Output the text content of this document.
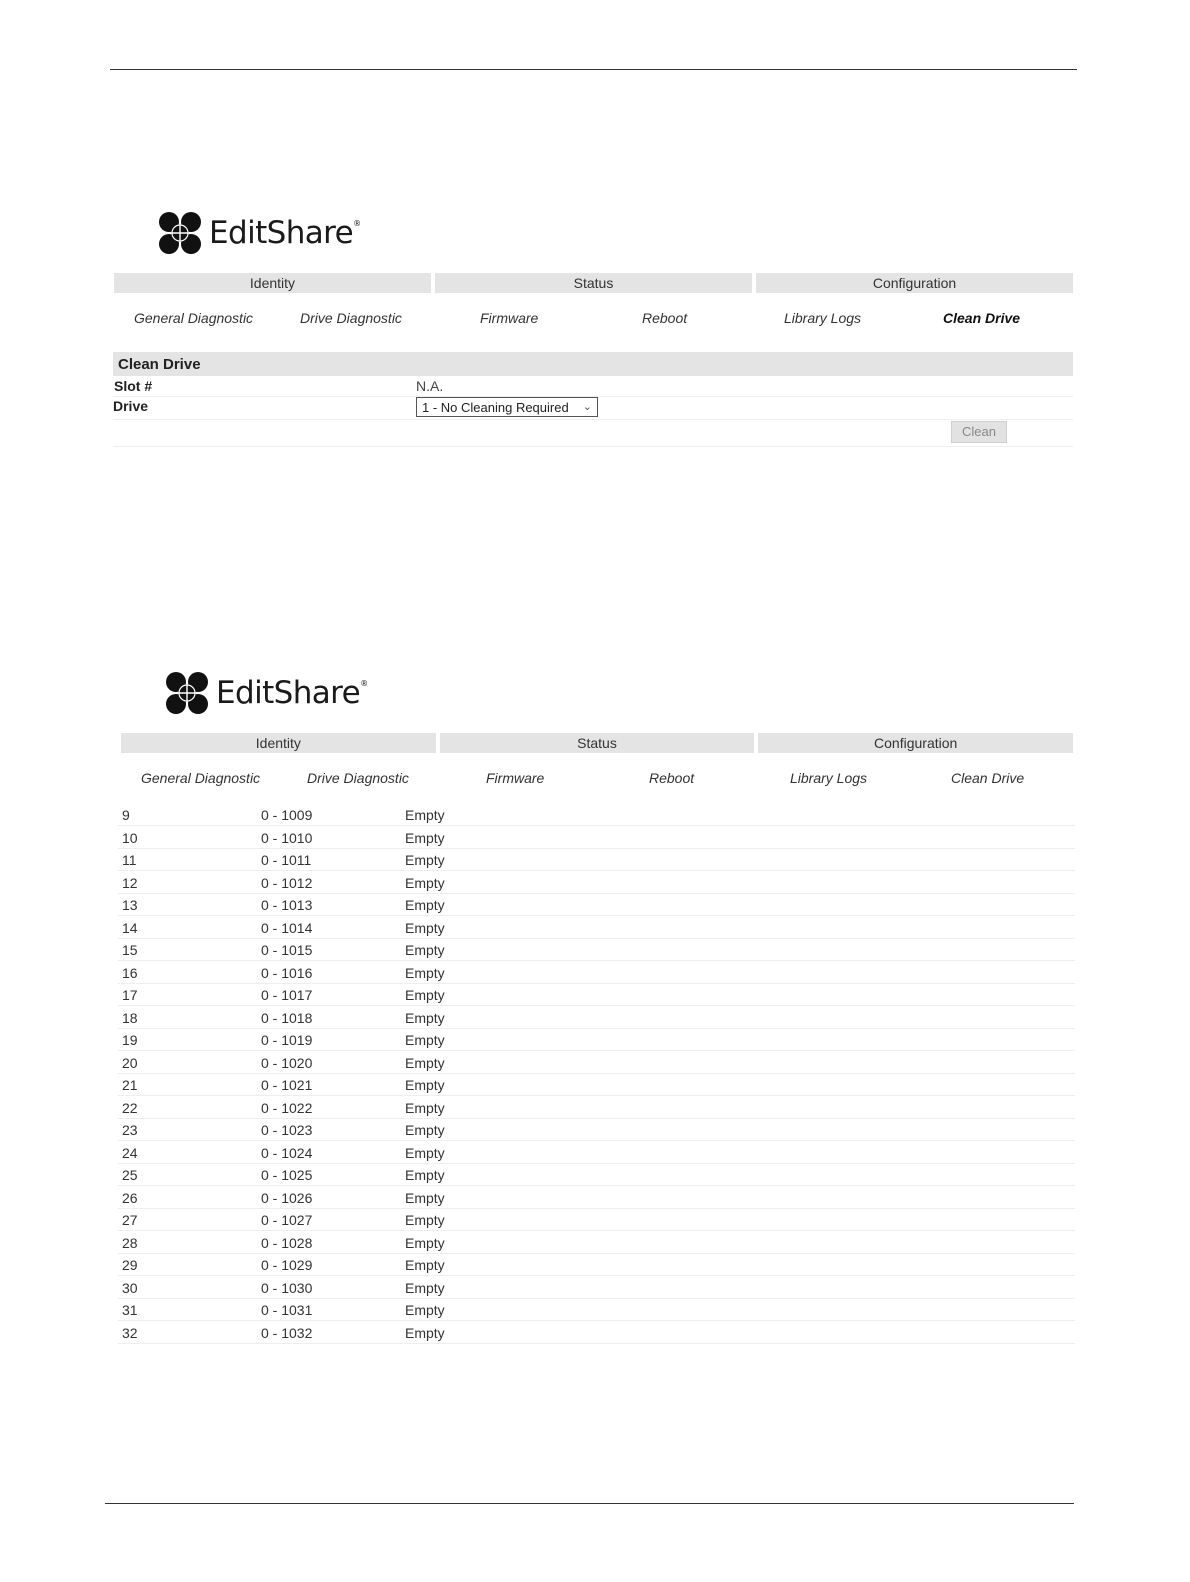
EditShare®
Identity	Status	Configuration
General Diagnostic	Drive Diagnostic	Firmware	Reboot	Library Logs	Clean Drive
Clean Drive
Slot #	N.A.
Drive	1 - No Cleaning Required ⌄
Clean
EditShare®
Identity	Status	Configuration
General Diagnostic	Drive Diagnostic	Firmware	Reboot	Library Logs	Clean Drive
9	0 - 1009	Empty
10	0 - 1010	Empty
11	0 - 1011	Empty
12	0 - 1012	Empty
13	0 - 1013	Empty
14	0 - 1014	Empty
15	0 - 1015	Empty
16	0 - 1016	Empty
17	0 - 1017	Empty
18	0 - 1018	Empty
19	0 - 1019	Empty
20	0 - 1020	Empty
21	0 - 1021	Empty
22	0 - 1022	Empty
23	0 - 1023	Empty
24	0 - 1024	Empty
25	0 - 1025	Empty
26	0 - 1026	Empty
27	0 - 1027	Empty
28	0 - 1028	Empty
29	0 - 1029	Empty
30	0 - 1030	Empty
31	0 - 1031	Empty
32	0 - 1032	Empty
